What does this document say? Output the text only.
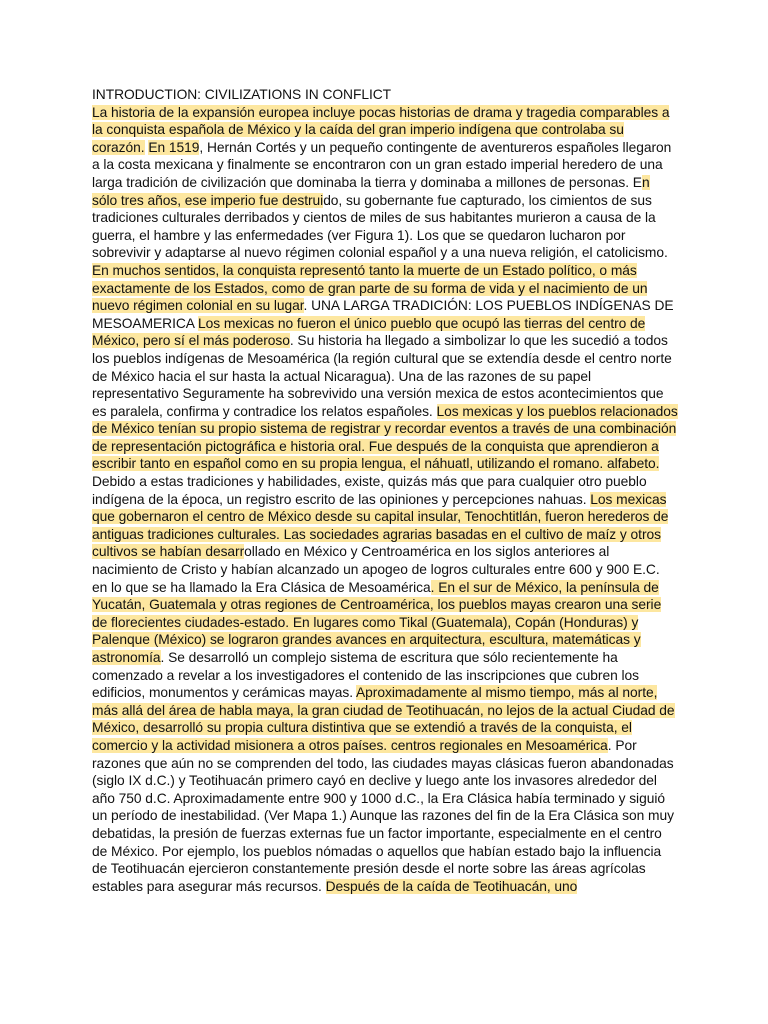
INTRODUCTION: CIVILIZATIONS IN CONFLICT
La historia de la expansión europea incluye pocas historias de drama y tragedia comparables a la conquista española de México y la caída del gran imperio indígena que controlaba su corazón. En 1519, Hernán Cortés y un pequeño contingente de aventureros españoles llegaron a la costa mexicana y finalmente se encontraron con un gran estado imperial heredero de una larga tradición de civilización que dominaba la tierra y dominaba a millones de personas. En sólo tres años, ese imperio fue destruido, su gobernante fue capturado, los cimientos de sus tradiciones culturales derribados y cientos de miles de sus habitantes murieron a causa de la guerra, el hambre y las enfermedades (ver Figura 1). Los que se quedaron lucharon por sobrevivir y adaptarse al nuevo régimen colonial español y a una nueva religión, el catolicismo. En muchos sentidos, la conquista representó tanto la muerte de un Estado político, o más exactamente de los Estados, como de gran parte de su forma de vida y el nacimiento de un nuevo régimen colonial en su lugar. UNA LARGA TRADICIÓN: LOS PUEBLOS INDÍGENAS DE MESOAMERICA Los mexicas no fueron el único pueblo que ocupó las tierras del centro de México, pero sí el más poderoso. Su historia ha llegado a simbolizar lo que les sucedió a todos los pueblos indígenas de Mesoamérica (la región cultural que se extendía desde el centro norte de México hacia el sur hasta la actual Nicaragua). Una de las razones de su papel representativo Seguramente ha sobrevivido una versión mexica de estos acontecimientos que es paralela, confirma y contradice los relatos españoles. Los mexicas y los pueblos relacionados de México tenían su propio sistema de registrar y recordar eventos a través de una combinación de representación pictográfica e historia oral. Fue después de la conquista que aprendieron a escribir tanto en español como en su propia lengua, el náhuatl, utilizando el romano. alfabeto. Debido a estas tradiciones y habilidades, existe, quizás más que para cualquier otro pueblo indígena de la época, un registro escrito de las opiniones y percepciones nahuas. Los mexicas que gobernaron el centro de México desde su capital insular, Tenochtitlán, fueron herederos de antiguas tradiciones culturales. Las sociedades agrarias basadas en el cultivo de maíz y otros cultivos se habían desarrollado en México y Centroamérica en los siglos anteriores al nacimiento de Cristo y habían alcanzado un apogeo de logros culturales entre 600 y 900 E.C. en lo que se ha llamado la Era Clásica de Mesoamérica. En el sur de México, la península de Yucatán, Guatemala y otras regiones de Centroamérica, los pueblos mayas crearon una serie de florecientes ciudades-estado. En lugares como Tikal (Guatemala), Copán (Honduras) y Palenque (México) se lograron grandes avances en arquitectura, escultura, matemáticas y astronomía. Se desarrolló un complejo sistema de escritura que sólo recientemente ha comenzado a revelar a los investigadores el contenido de las inscripciones que cubren los edificios, monumentos y cerámicas mayas. Aproximadamente al mismo tiempo, más al norte, más allá del área de habla maya, la gran ciudad de Teotihuacán, no lejos de la actual Ciudad de México, desarrolló su propia cultura distintiva que se extendió a través de la conquista, el comercio y la actividad misionera a otros países. centros regionales en Mesoamérica. Por razones que aún no se comprenden del todo, las ciudades mayas clásicas fueron abandonadas (siglo IX d.C.) y Teotihuacán primero cayó en declive y luego ante los invasores alrededor del año 750 d.C. Aproximadamente entre 900 y 1000 d.C., la Era Clásica había terminado y siguió un período de inestabilidad. (Ver Mapa 1.) Aunque las razones del fin de la Era Clásica son muy debatidas, la presión de fuerzas externas fue un factor importante, especialmente en el centro de México. Por ejemplo, los pueblos nómadas o aquellos que habían estado bajo la influencia de Teotihuacán ejercieron constantemente presión desde el norte sobre las áreas agrícolas estables para asegurar más recursos. Después de la caída de Teotihuacán, uno
